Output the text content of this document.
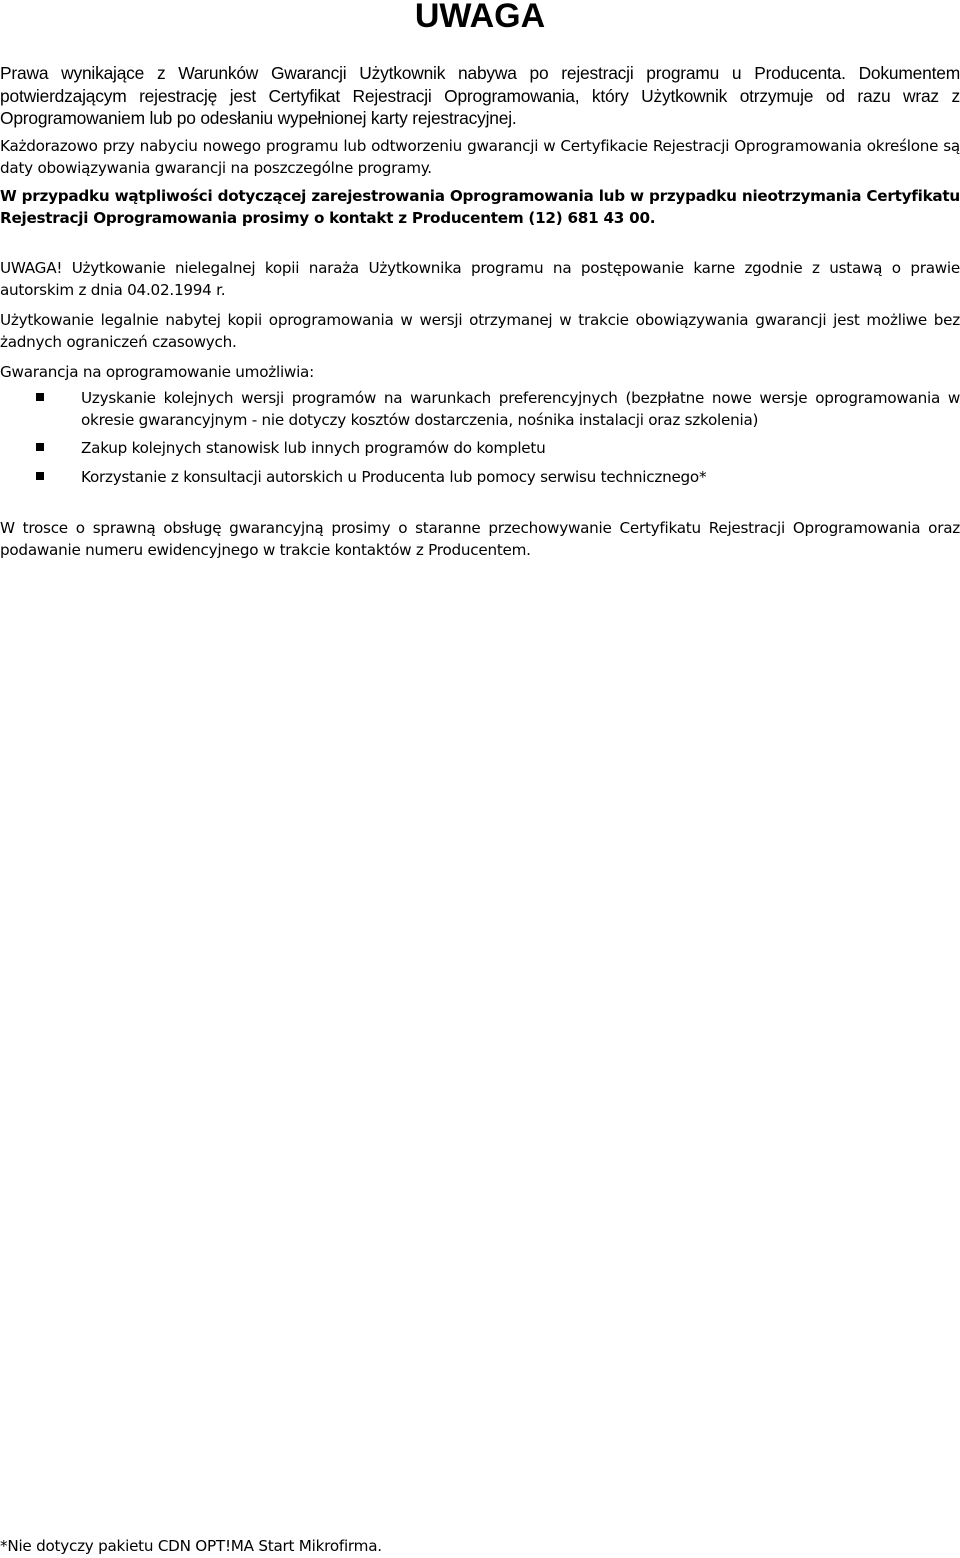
UWAGA

Prawa wynikające z Warunków Gwarancji Użytkownik nabywa po rejestracji programu u Producenta. Dokumentem potwierdzającym rejestrację jest Certyfikat Rejestracji Oprogramowania, który Użytkownik otrzymuje od razu wraz z Oprogramowaniem lub po odesłaniu wypełnionej karty rejestracyjnej.

Każdorazowo przy nabyciu nowego programu lub odtworzeniu gwarancji w Certyfikacie Rejestracji Oprogramowania określone są daty obowiązywania gwarancji na poszczególne programy.

W przypadku wątpliwości dotyczącej zarejestrowania Oprogramowania lub w przypadku nieotrzymania Certyfikatu Rejestracji Oprogramowania prosimy o kontakt z Producentem (12) 681 43 00.

UWAGA! Użytkowanie nielegalnej kopii naraża Użytkownika programu na postępowanie karne zgodnie z ustawą o prawie autorskim z dnia 04.02.1994 r.

Użytkowanie legalnie nabytej kopii oprogramowania w wersji otrzymanej w trakcie obowiązywania gwarancji jest możliwe bez żadnych ograniczeń czasowych.

Gwarancja na oprogramowanie umożliwia:

Uzyskanie kolejnych wersji programów na warunkach preferencyjnych (bezpłatne nowe wersje oprogramowania w okresie gwarancyjnym - nie dotyczy kosztów dostarczenia, nośnika instalacji oraz szkolenia)
Zakup kolejnych stanowisk lub innych programów do kompletu
Korzystanie z konsultacji autorskich u Producenta lub pomocy serwisu technicznego*

W trosce o sprawną obsługę gwarancyjną prosimy o staranne przechowywanie Certyfikatu Rejestracji Oprogramowania oraz podawanie numeru ewidencyjnego w trakcie kontaktów z Producentem.

*Nie dotyczy pakietu CDN OPT!MA Start Mikrofirma.
